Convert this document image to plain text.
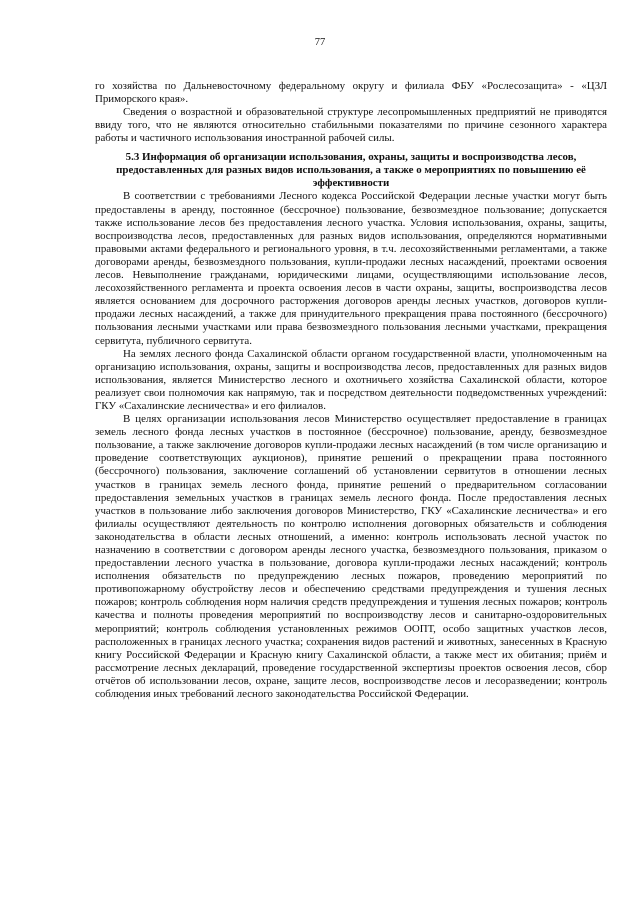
77

го хозяйства по Дальневосточному федеральному округу и филиала ФБУ «Рослесозащита» - «ЦЗЛ Приморского края».

Сведения о возрастной и образовательной структуре лесопромышленных предприятий не приводятся ввиду того, что не являются относительно стабильными показателями по причине сезонного характера работы и частичного использования иностранной рабочей силы.

5.3 Информация об организации использования, охраны, защиты и воспроизводства лесов, предоставленных для разных видов использования, а также о мероприятиях по повышению её эффективности

В соответствии с требованиями Лесного кодекса Российской Федерации лесные участки могут быть предоставлены в аренду, постоянное (бессрочное) пользование, безвозмездное пользование; допускается также использование лесов без предоставления лесного участка. Условия использования, охраны, защиты, воспроизводства лесов, предоставленных для разных видов использования, определяются нормативными правовыми актами федерального и регионального уровня, в т.ч. лесохозяйственными регламентами, а также договорами аренды, безвозмездного пользования, купли-продажи лесных насаждений, проектами освоения лесов. Невыполнение гражданами, юридическими лицами, осуществляющими использование лесов, лесохозяйственного регламента и проекта освоения лесов в части охраны, защиты, воспроизводства лесов является основанием для досрочного расторжения договоров аренды лесных участков, договоров купли-продажи лесных насаждений, а также для принудительного прекращения права постоянного (бессрочного) пользования лесными участками или права безвозмездного пользования лесными участками, прекращения сервитута, публичного сервитута.

На землях лесного фонда Сахалинской области органом государственной власти, уполномоченным на организацию использования, охраны, защиты и воспроизводства лесов, предоставленных для разных видов использования, является Министерство лесного и охотничьего хозяйства Сахалинской области, которое реализует свои полномочия как напрямую, так и посредством деятельности подведомственных учреждений: ГКУ «Сахалинские лесничества» и его филиалов.

В целях организации использования лесов Министерство осуществляет предоставление в границах земель лесного фонда лесных участков в постоянное (бессрочное) пользование, аренду, безвозмездное пользование, а также заключение договоров купли-продажи лесных насаждений (в том числе организацию и проведение соответствующих аукционов), принятие решений о прекращении права постоянного (бессрочного) пользования, заключение соглашений об установлении сервитутов в отношении лесных участков в границах земель лесного фонда, принятие решений о предварительном согласовании предоставления земельных участков в границах земель лесного фонда. После предоставления лесных участков в пользование либо заключения договоров Министерство, ГКУ «Сахалинские лесничества» и его филиалы осуществляют деятельность по контролю исполнения договорных обязательств и соблюдения законодательства в области лесных отношений, а именно: контроль использовать лесной участок по назначению в соответствии с договором аренды лесного участка, безвозмездного пользования, приказом о предоставлении лесного участка в пользование, договора купли-продажи лесных насаждений; контроль исполнения обязательств по предупреждению лесных пожаров, проведению мероприятий по противопожарному обустройству лесов и обеспечению средствами предупреждения и тушения лесных пожаров; контроль соблюдения норм наличия средств предупреждения и тушения лесных пожаров; контроль качества и полноты проведения мероприятий по воспроизводству лесов и санитарно-оздоровительных мероприятий; контроль соблюдения установленных режимов ООПТ, особо защитных участков лесов, расположенных в границах лесного участка; сохранения видов растений и животных, занесенных в Красную книгу Российской Федерации и Красную книгу Сахалинской области, а также мест их обитания; приём и рассмотрение лесных деклараций, проведение государственной экспертизы проектов освоения лесов, сбор отчётов об использовании лесов, охране, защите лесов, воспроизводстве лесов и лесоразведении; контроль соблюдения иных требований лесного законодательства Российской Федерации.
